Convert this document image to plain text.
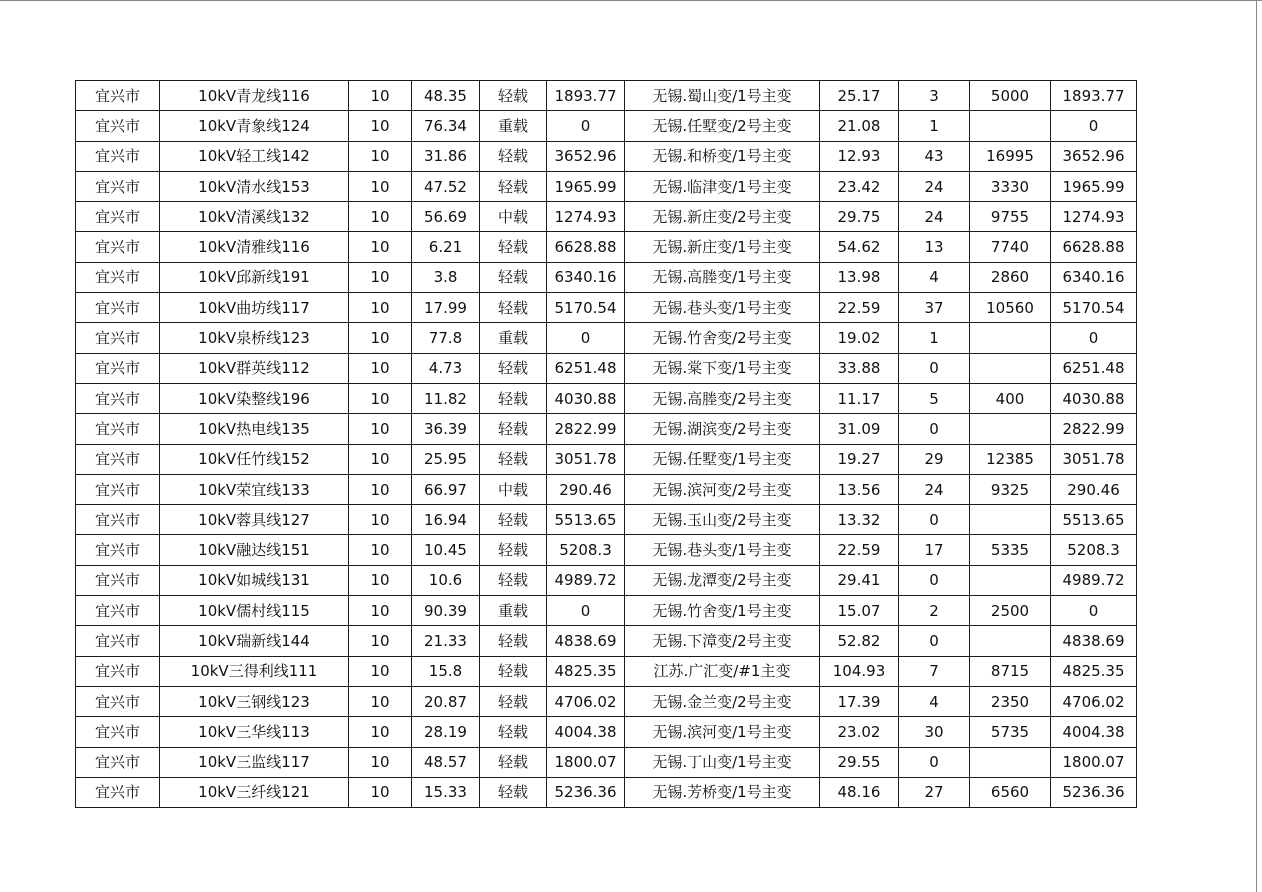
宜兴市	10kV青龙线116	10	48.35	轻载	1893.77	无锡.蜀山变/1号主变	25.17	3	5000	1893.77
宜兴市	10kV青象线124	10	76.34	重载	0	无锡.任墅变/2号主变	21.08	1		0
宜兴市	10kV轻工线142	10	31.86	轻载	3652.96	无锡.和桥变/1号主变	12.93	43	16995	3652.96
宜兴市	10kV清水线153	10	47.52	轻载	1965.99	无锡.临津变/1号主变	23.42	24	3330	1965.99
宜兴市	10kV清溪线132	10	56.69	中载	1274.93	无锡.新庄变/2号主变	29.75	24	9755	1274.93
宜兴市	10kV清雅线116	10	6.21	轻载	6628.88	无锡.新庄变/1号主变	54.62	13	7740	6628.88
宜兴市	10kV邱新线191	10	3.8	轻载	6340.16	无锡.高塍变/1号主变	13.98	4	2860	6340.16
宜兴市	10kV曲坊线117	10	17.99	轻载	5170.54	无锡.巷头变/1号主变	22.59	37	10560	5170.54
宜兴市	10kV泉桥线123	10	77.8	重载	0	无锡.竹舍变/2号主变	19.02	1		0
宜兴市	10kV群英线112	10	4.73	轻载	6251.48	无锡.棠下变/1号主变	33.88	0		6251.48
宜兴市	10kV染整线196	10	11.82	轻载	4030.88	无锡.高塍变/2号主变	11.17	5	400	4030.88
宜兴市	10kV热电线135	10	36.39	轻载	2822.99	无锡.湖滨变/2号主变	31.09	0		2822.99
宜兴市	10kV任竹线152	10	25.95	轻载	3051.78	无锡.任墅变/1号主变	19.27	29	12385	3051.78
宜兴市	10kV荣宜线133	10	66.97	中载	290.46	无锡.滨河变/2号主变	13.56	24	9325	290.46
宜兴市	10kV蓉具线127	10	16.94	轻载	5513.65	无锡.玉山变/2号主变	13.32	0		5513.65
宜兴市	10kV融达线151	10	10.45	轻载	5208.3	无锡.巷头变/1号主变	22.59	17	5335	5208.3
宜兴市	10kV如城线131	10	10.6	轻载	4989.72	无锡.龙潭变/2号主变	29.41	0		4989.72
宜兴市	10kV儒村线115	10	90.39	重载	0	无锡.竹舍变/1号主变	15.07	2	2500	0
宜兴市	10kV瑞新线144	10	21.33	轻载	4838.69	无锡.下漳变/2号主变	52.82	0		4838.69
宜兴市	10kV三得利线111	10	15.8	轻载	4825.35	江苏.广汇变/#1主变	104.93	7	8715	4825.35
宜兴市	10kV三钢线123	10	20.87	轻载	4706.02	无锡.金兰变/2号主变	17.39	4	2350	4706.02
宜兴市	10kV三华线113	10	28.19	轻载	4004.38	无锡.滨河变/1号主变	23.02	30	5735	4004.38
宜兴市	10kV三监线117	10	48.57	轻载	1800.07	无锡.丁山变/1号主变	29.55	0		1800.07
宜兴市	10kV三纤线121	10	15.33	轻载	5236.36	无锡.芳桥变/1号主变	48.16	27	6560	5236.36
